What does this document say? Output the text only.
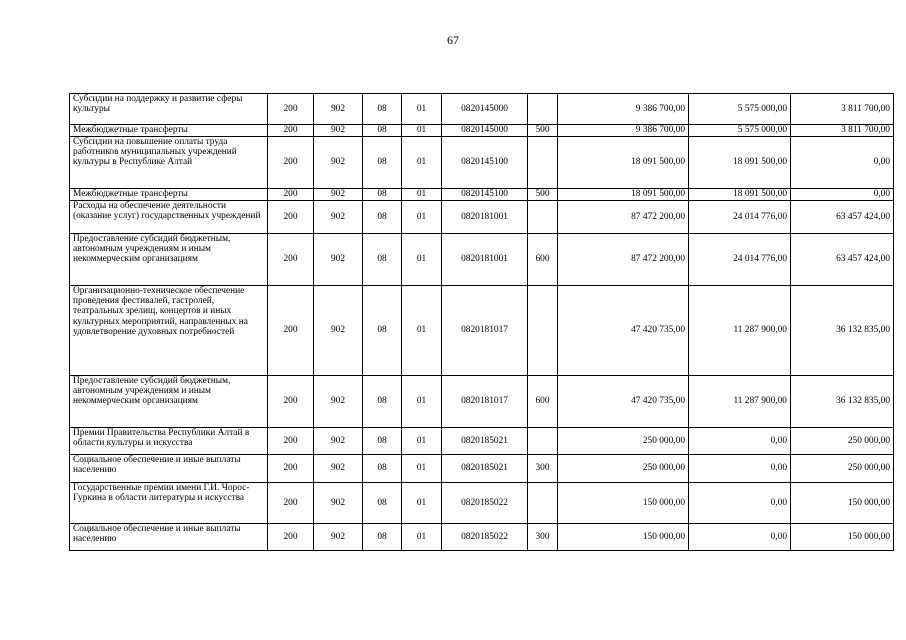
67
Субсидии на поддержку и развитие сферы культуры	200	902	08	01	0820145000		9 386 700,00	5 575 000,00	3 811 700,00
Межбюджетные трансферты	200	902	08	01	0820145000	500	9 386 700,00	5 575 000,00	3 811 700,00
Субсидии на повышение оплаты труда работников муниципальных учреждений культуры в Республике Алтай	200	902	08	01	0820145100		18 091 500,00	18 091 500,00	0,00
Межбюджетные трансферты	200	902	08	01	0820145100	500	18 091 500,00	18 091 500,00	0,00
Расходы на обеспечение деятельности (оказание услуг) государственных учреждений	200	902	08	01	0820181001		87 472 200,00	24 014 776,00	63 457 424,00
Предоставление субсидий бюджетным, автономным учреждениям и иным некоммерческим организациям	200	902	08	01	0820181001	600	87 472 200,00	24 014 776,00	63 457 424,00
Организационно-техническое обеспечение проведения фестивалей, гастролей, театральных зрелищ, концертов и иных культурных мероприятий, направленных на удовлетворение духовных потребностей	200	902	08	01	0820181017		47 420 735,00	11 287 900,00	36 132 835,00
Предоставление субсидий бюджетным, автономным учреждениям и иным некоммерческим организациям	200	902	08	01	0820181017	600	47 420 735,00	11 287 900,00	36 132 835,00
Премии Правительства Республики Алтай в области культуры и искусства	200	902	08	01	0820185021		250 000,00	0,00	250 000,00
Социальное обеспечение и иные выплаты населению	200	902	08	01	0820185021	300	250 000,00	0,00	250 000,00
Государственные премии имени Г.И. Чорос-Гуркина в области литературы и искусства	200	902	08	01	0820185022		150 000,00	0,00	150 000,00
Социальное обеспечение и иные выплаты населению	200	902	08	01	0820185022	300	150 000,00	0,00	150 000,00
